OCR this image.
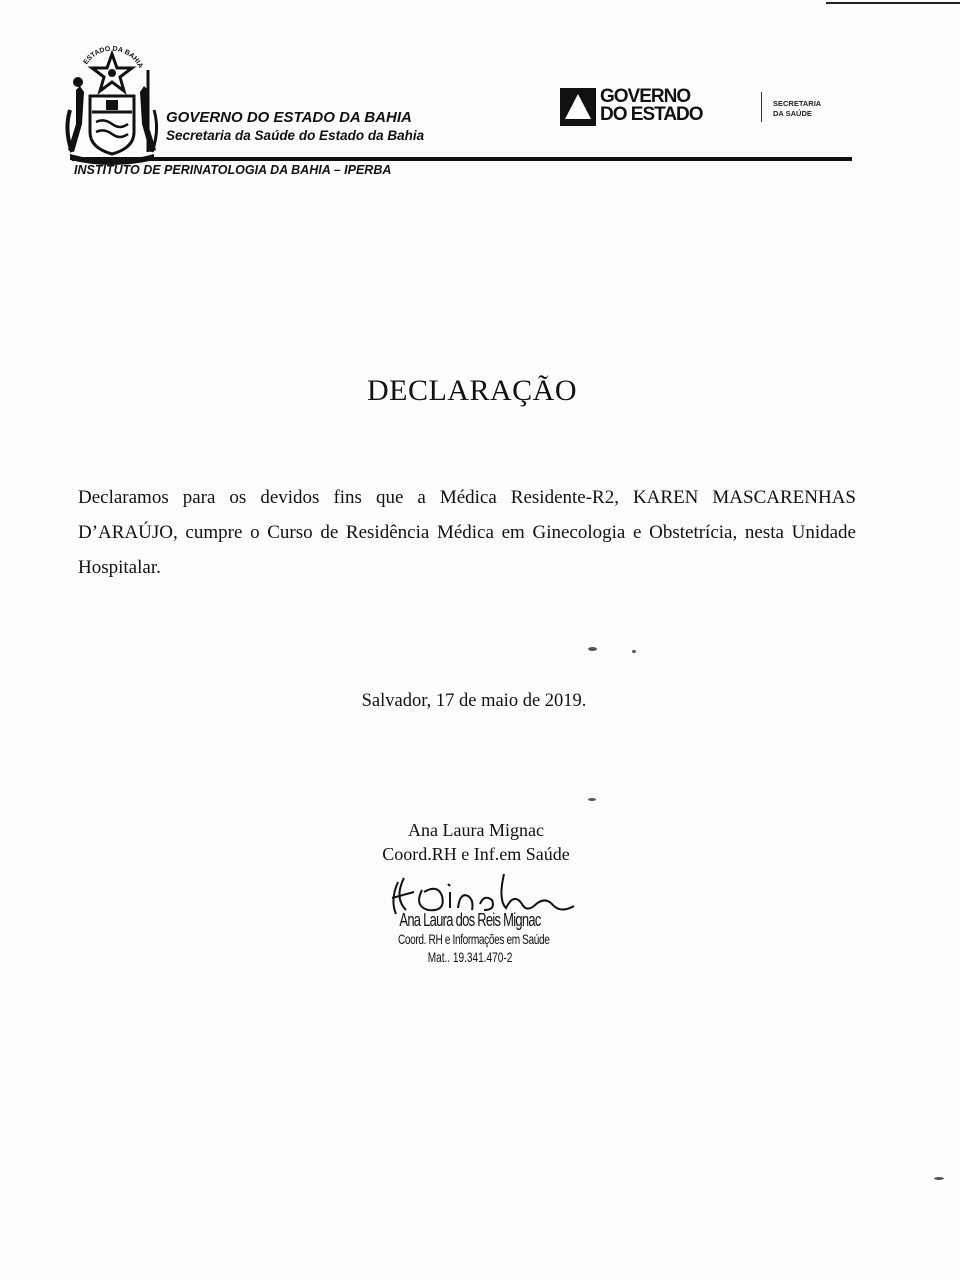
ESTADO DA BAHIA
GOVERNO DO ESTADO DA BAHIA
Secretaria da Saúde do Estado da Bahia
GOVERNO
DO ESTADO
SECRETARIA
DA SAÚDE
INSTITUTO DE PERINATOLOGIA DA BAHIA – IPERBA
DECLARAÇÃO
Declaramos para os devidos fins que a Médica Residente-R2, KAREN MASCARENHAS D’ARAÚJO, cumpre o Curso de Residência Médica em Ginecologia e Obstetrícia, nesta Unidade Hospitalar.
Salvador, 17 de maio de 2019.
Ana Laura Mignac
Coord.RH e Inf.em Saúde
Ana Laura dos Reis Mignac
Coord. RH e Informações em Saúde
Mat.. 19.341.470-2
